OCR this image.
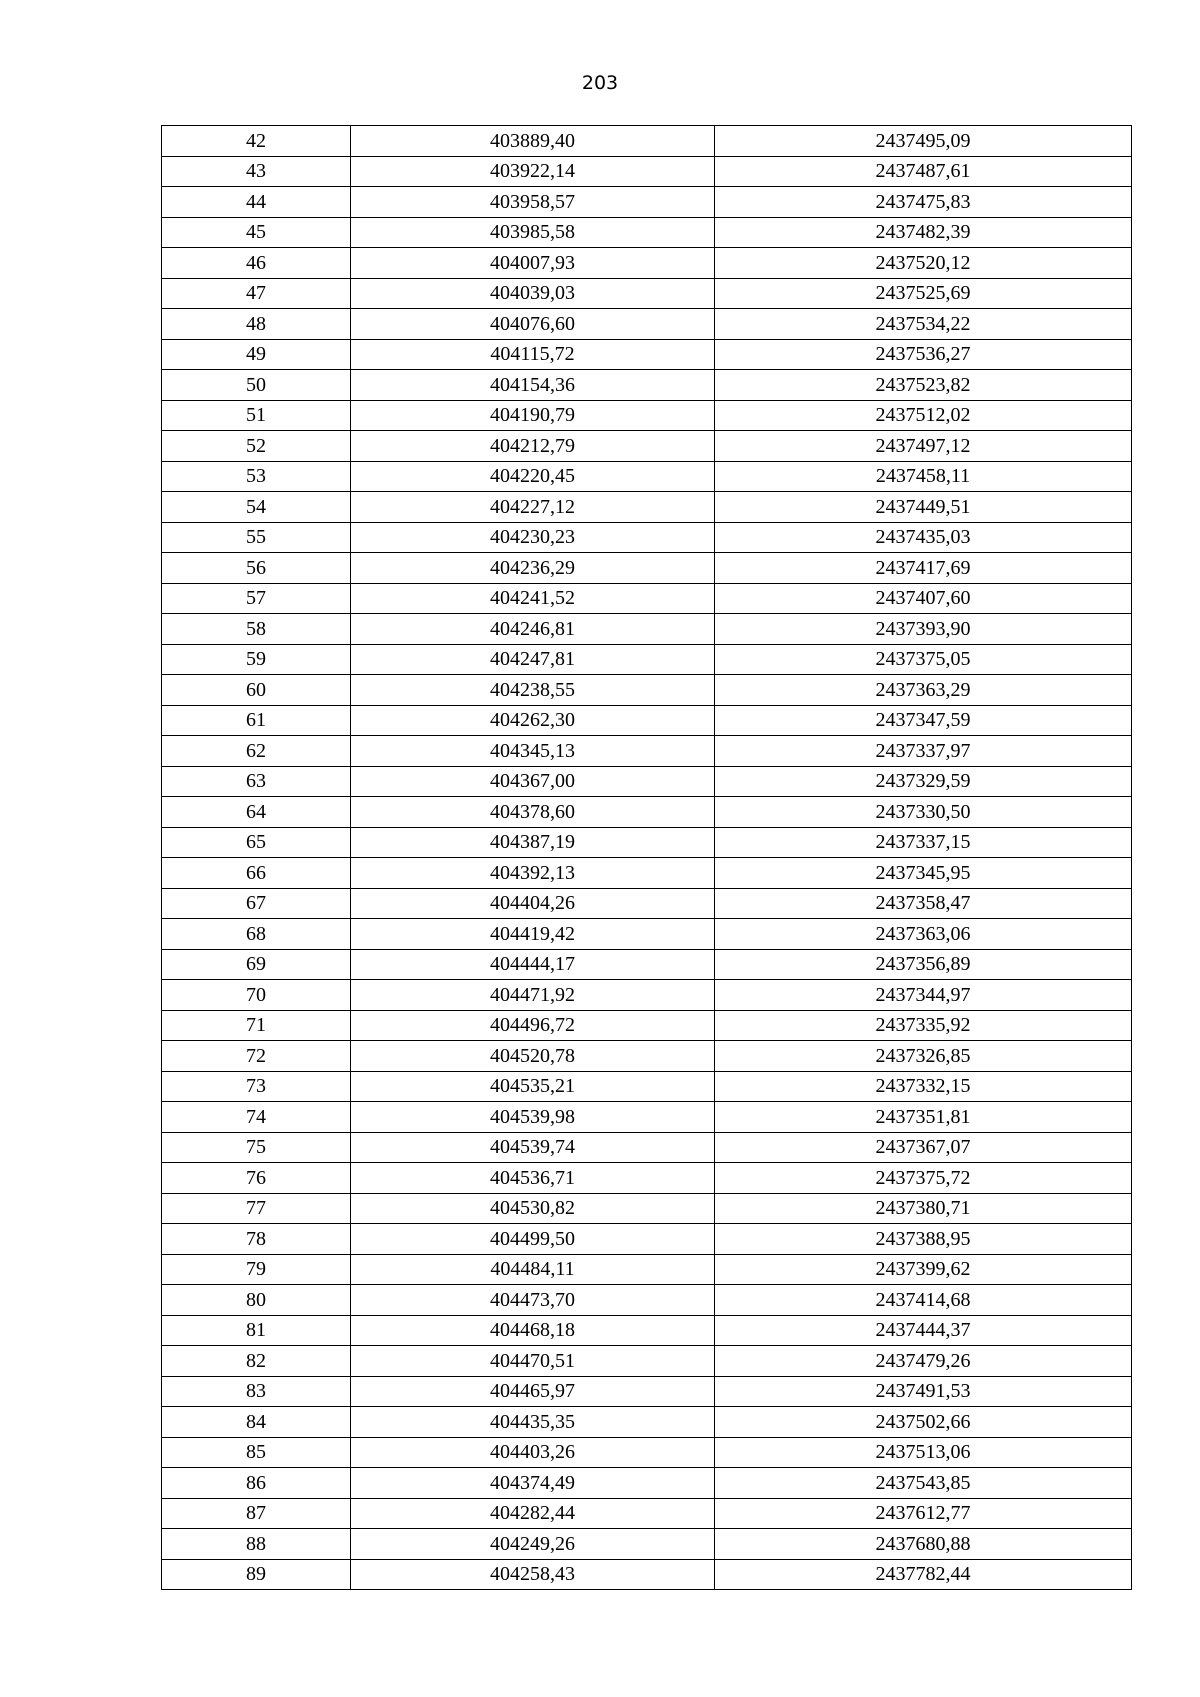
203
42	403889,40	2437495,09
43	403922,14	2437487,61
44	403958,57	2437475,83
45	403985,58	2437482,39
46	404007,93	2437520,12
47	404039,03	2437525,69
48	404076,60	2437534,22
49	404115,72	2437536,27
50	404154,36	2437523,82
51	404190,79	2437512,02
52	404212,79	2437497,12
53	404220,45	2437458,11
54	404227,12	2437449,51
55	404230,23	2437435,03
56	404236,29	2437417,69
57	404241,52	2437407,60
58	404246,81	2437393,90
59	404247,81	2437375,05
60	404238,55	2437363,29
61	404262,30	2437347,59
62	404345,13	2437337,97
63	404367,00	2437329,59
64	404378,60	2437330,50
65	404387,19	2437337,15
66	404392,13	2437345,95
67	404404,26	2437358,47
68	404419,42	2437363,06
69	404444,17	2437356,89
70	404471,92	2437344,97
71	404496,72	2437335,92
72	404520,78	2437326,85
73	404535,21	2437332,15
74	404539,98	2437351,81
75	404539,74	2437367,07
76	404536,71	2437375,72
77	404530,82	2437380,71
78	404499,50	2437388,95
79	404484,11	2437399,62
80	404473,70	2437414,68
81	404468,18	2437444,37
82	404470,51	2437479,26
83	404465,97	2437491,53
84	404435,35	2437502,66
85	404403,26	2437513,06
86	404374,49	2437543,85
87	404282,44	2437612,77
88	404249,26	2437680,88
89	404258,43	2437782,44
